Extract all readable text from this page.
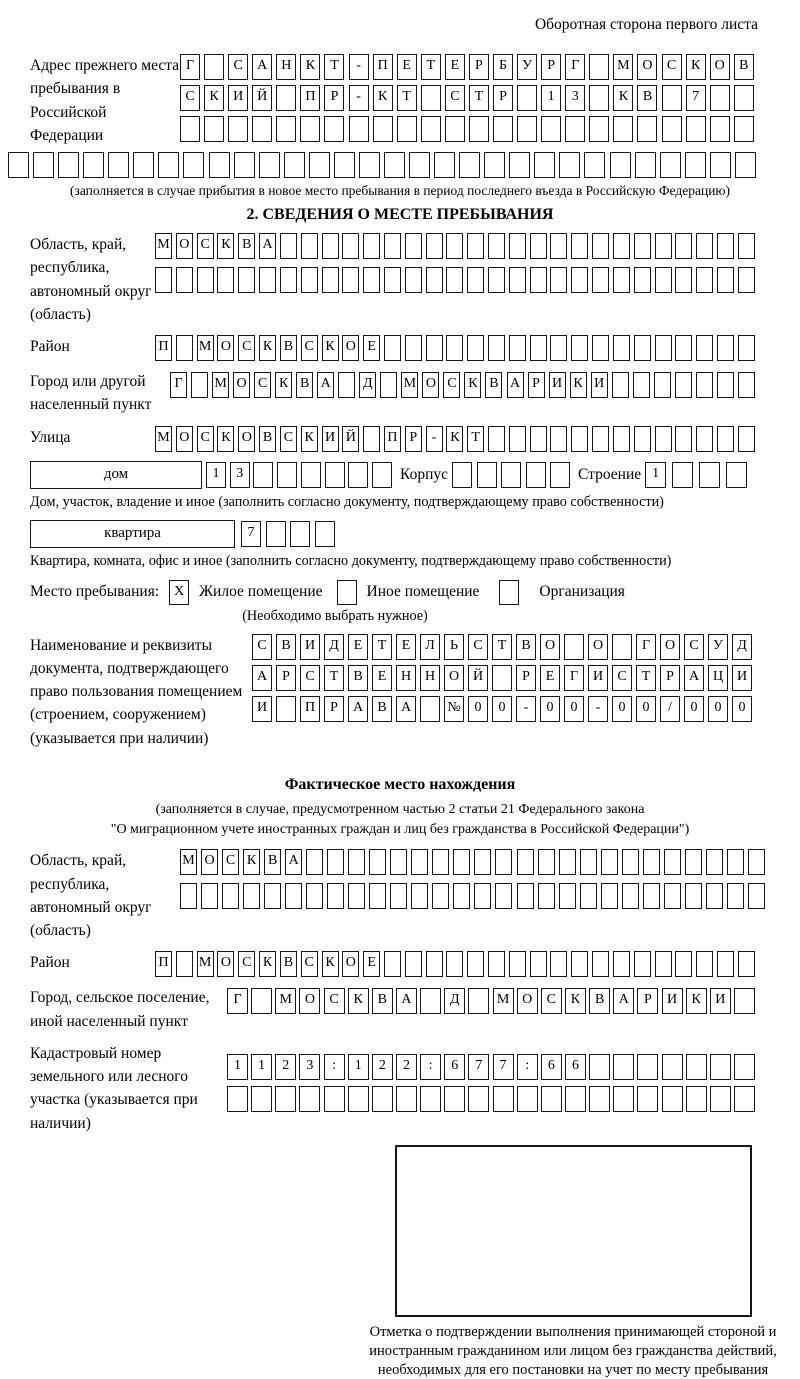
Оборотная сторона первого листа
Адрес прежнего места пребывания в Российской Федерации
Г	С	А Н	К	Т	-	П	Е	Т	Е	Р	Б	У	Р	Г	М О	С	К	О	В
С	К	И Й	П	Р	-	К	Т	С	Т	Р	1	3	К	В	7
(заполняется в случае прибытия в новое место пребывания в период последнего въезда в Российскую Федерацию)
2. СВЕДЕНИЯ О МЕСТЕ ПРЕБЫВАНИЯ
Область, край, республика, автономный округ (область)
М О С К В А
Район	П М О С К В С К О Е
Город или другой населенный пункт
Г	М О С К В А Д М О С К В А Р И К И
Улица	М О С К О В С К И Й П Р	- К Т
дом	1	3	Корпус	Строение 1
Дом, участок, владение и иное (заполнить согласно документу, подтверждающему право собственности)
квартира	7
Квартира, комната, офис и иное (заполнить согласно документу, подтверждающему право собственности)
Место пребывания:	X Жилое помещение	Иное помещение	Организация
(Необходимо выбрать нужное)
Наименование и реквизиты документа, подтверждающего право пользования помещением (строением, сооружением) (указывается при наличии)
С	В	И	Д	Е	Т	Е	Л	Ь	С	Т	В	О	О	Г	О	С	У	Д
А	Р	С	Т	В	Е	Н Н О Й	Р	Е	Г	И	С	Т	Р	А Ц И
И	П	Р	А	В	А	№ 0	0	-	0	0	-	0	0	/	0	0	0
Фактическое место нахождения
(заполняется в случае, предусмотренном частью 2 статьи 21 Федерального закона
"О миграционном учете иностранных граждан и лиц без гражданства в Российской Федерации")
Область, край, республика, автономный округ (область)
М О С К В А
Район	П М О С К В С К О Е
Город, сельское поселение, иной населенный пункт
Г	М О	С	К	В	А	Д	М О	С	К	В	А	Р	И	К	И
Кадастровый номер земельного или лесного участка (указывается при наличии)
1	1	2	3	:	1	2	2	:	6	7	7	:	6	6
Отметка о подтверждении выполнения принимающей стороной и иностранным гражданином или лицом без гражданства действий, необходимых для его постановки на учет по месту пребывания
